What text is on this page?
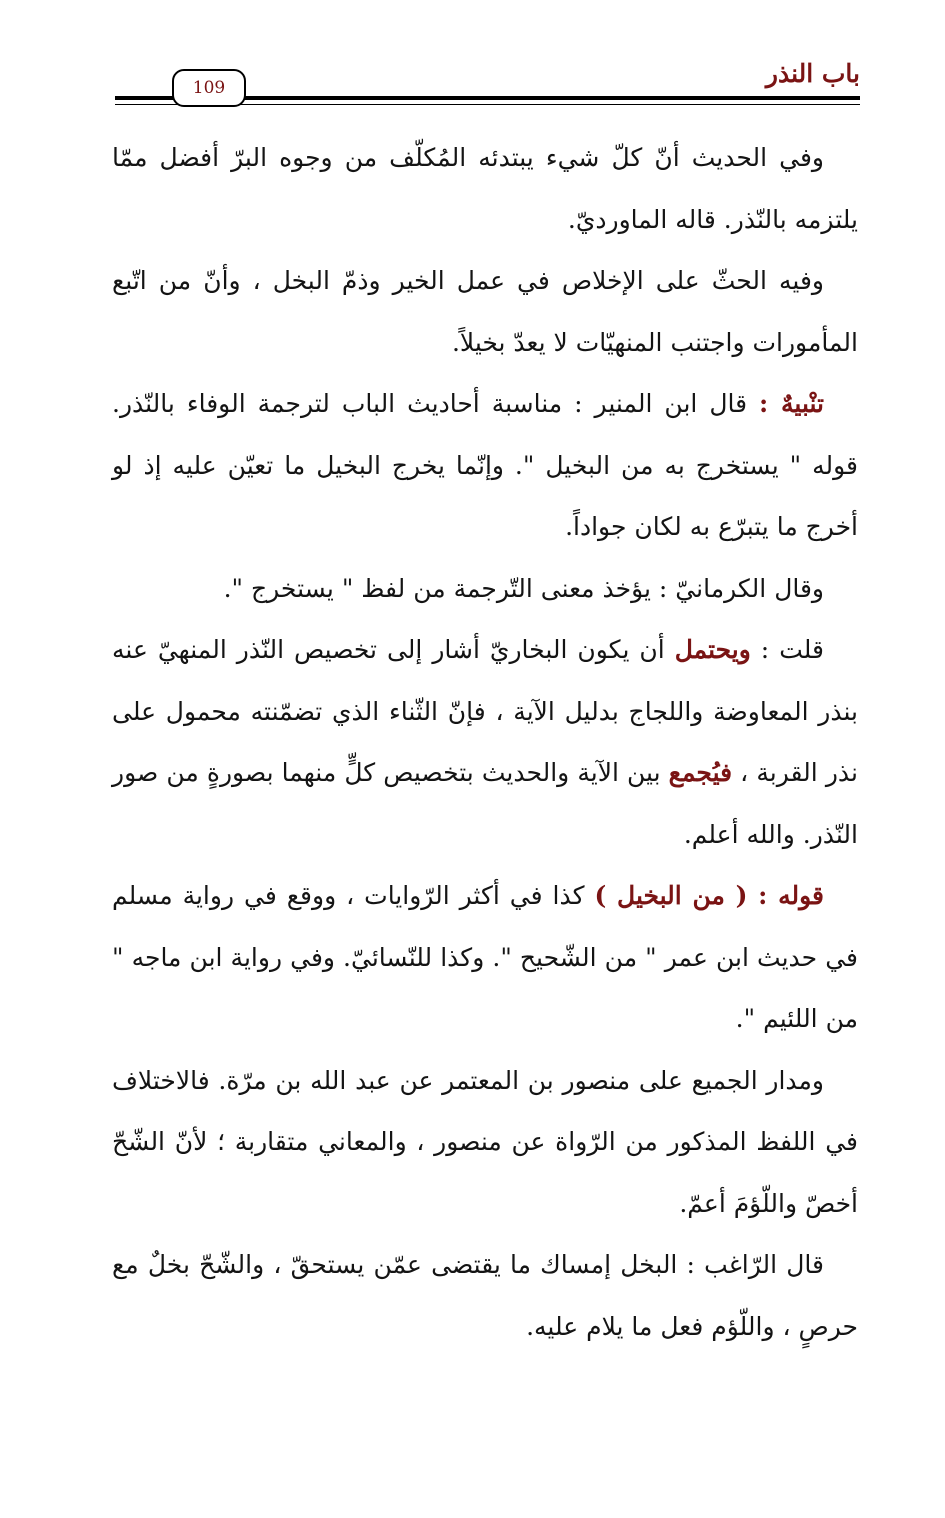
باب النذر
109

وفي الحديث أنّ كلّ شيء يبتدئه المُكلّف من وجوه البرّ أفضل ممّا يلتزمه بالنّذر. قاله الماورديّ.

وفيه الحثّ على الإخلاص في عمل الخير وذمّ البخل ، وأنّ من اتّبع المأمورات واجتنب المنهيّات لا يعدّ بخيلاً.

تنْبيهٌ : قال ابن المنير : مناسبة أحاديث الباب لترجمة الوفاء بالنّذر. قوله " يستخرج به من البخيل ". وإنّما يخرج البخيل ما تعيّن عليه إذ لو أخرج ما يتبرّع به لكان جواداً.

وقال الكرمانيّ : يؤخذ معنى التّرجمة من لفظ " يستخرج ".

قلت : ويحتمل أن يكون البخاريّ أشار إلى تخصيص النّذر المنهيّ عنه بنذر المعاوضة واللجاج بدليل الآية ، فإنّ الثّناء الذي تضمّنته محمول على نذر القربة ، فيُجمع بين الآية والحديث بتخصيص كلٍّ منهما بصورةٍ من صور النّذر. والله أعلم.

قوله : ( من البخيل ) كذا في أكثر الرّوايات ، ووقع في رواية مسلم في حديث ابن عمر " من الشّحيح ". وكذا للنّسائيّ. وفي رواية ابن ماجه " من اللئيم ".

ومدار الجميع على منصور بن المعتمر عن عبد الله بن مرّة. فالاختلاف في اللفظ المذكور من الرّواة عن منصور ، والمعاني متقاربة ؛ لأنّ الشّحّ أخصّ واللّؤمَ أعمّ.

قال الرّاغب : البخل إمساك ما يقتضى عمّن يستحقّ ، والشّحّ بخلٌ مع حرصٍ ، واللّؤم فعل ما يلام عليه.
